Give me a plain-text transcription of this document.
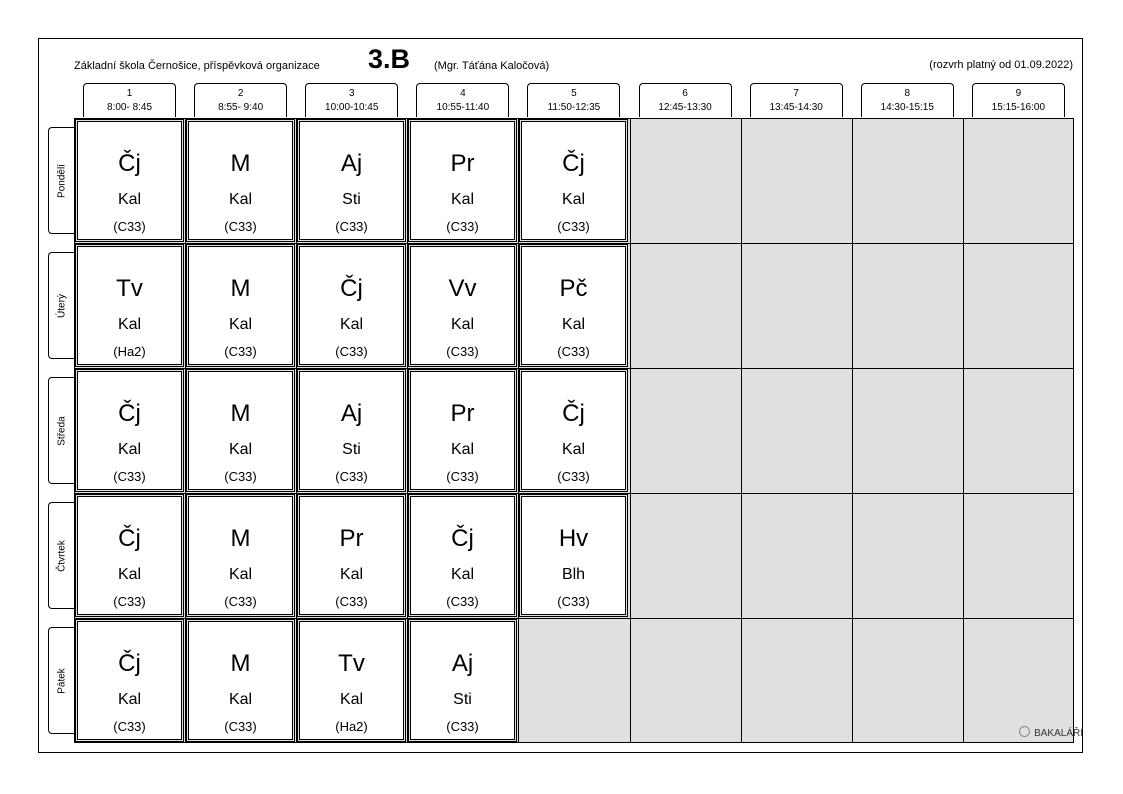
Základní škola Černošice, příspěvková organizace 3.B (Mgr. Táťána Kaločová)	(rozvrh platný od 01.09.2022)
1
8:00- 8:45
2
8:55- 9:40
3
10:00-10:45
4
10:55-11:40
5
11:50-12:35
6
12:45-13:30
7
13:45-14:30
8
14:30-15:15
9
15:15-16:00
Pondělí
Úterý
Středa
Čtvrtek
Pátek
Čj
Kal
(C33)
M
Kal
(C33)
Aj
Sti
(C33)
Pr
Kal
(C33)
Čj
Kal
(C33)
Tv
Kal
(Ha2)
M
Kal
(C33)
Čj
Kal
(C33)
Vv
Kal
(C33)
Pč
Kal
(C33)
Čj
Kal
(C33)
M
Kal
(C33)
Aj
Sti
(C33)
Pr
Kal
(C33)
Čj
Kal
(C33)
Čj
Kal
(C33)
M
Kal
(C33)
Pr
Kal
(C33)
Čj
Kal
(C33)
Hv
Blh
(C33)
Čj
Kal
(C33)
M
Kal
(C33)
Tv
Kal
(Ha2)
Aj
Sti
(C33)	BAKALÁŘI
